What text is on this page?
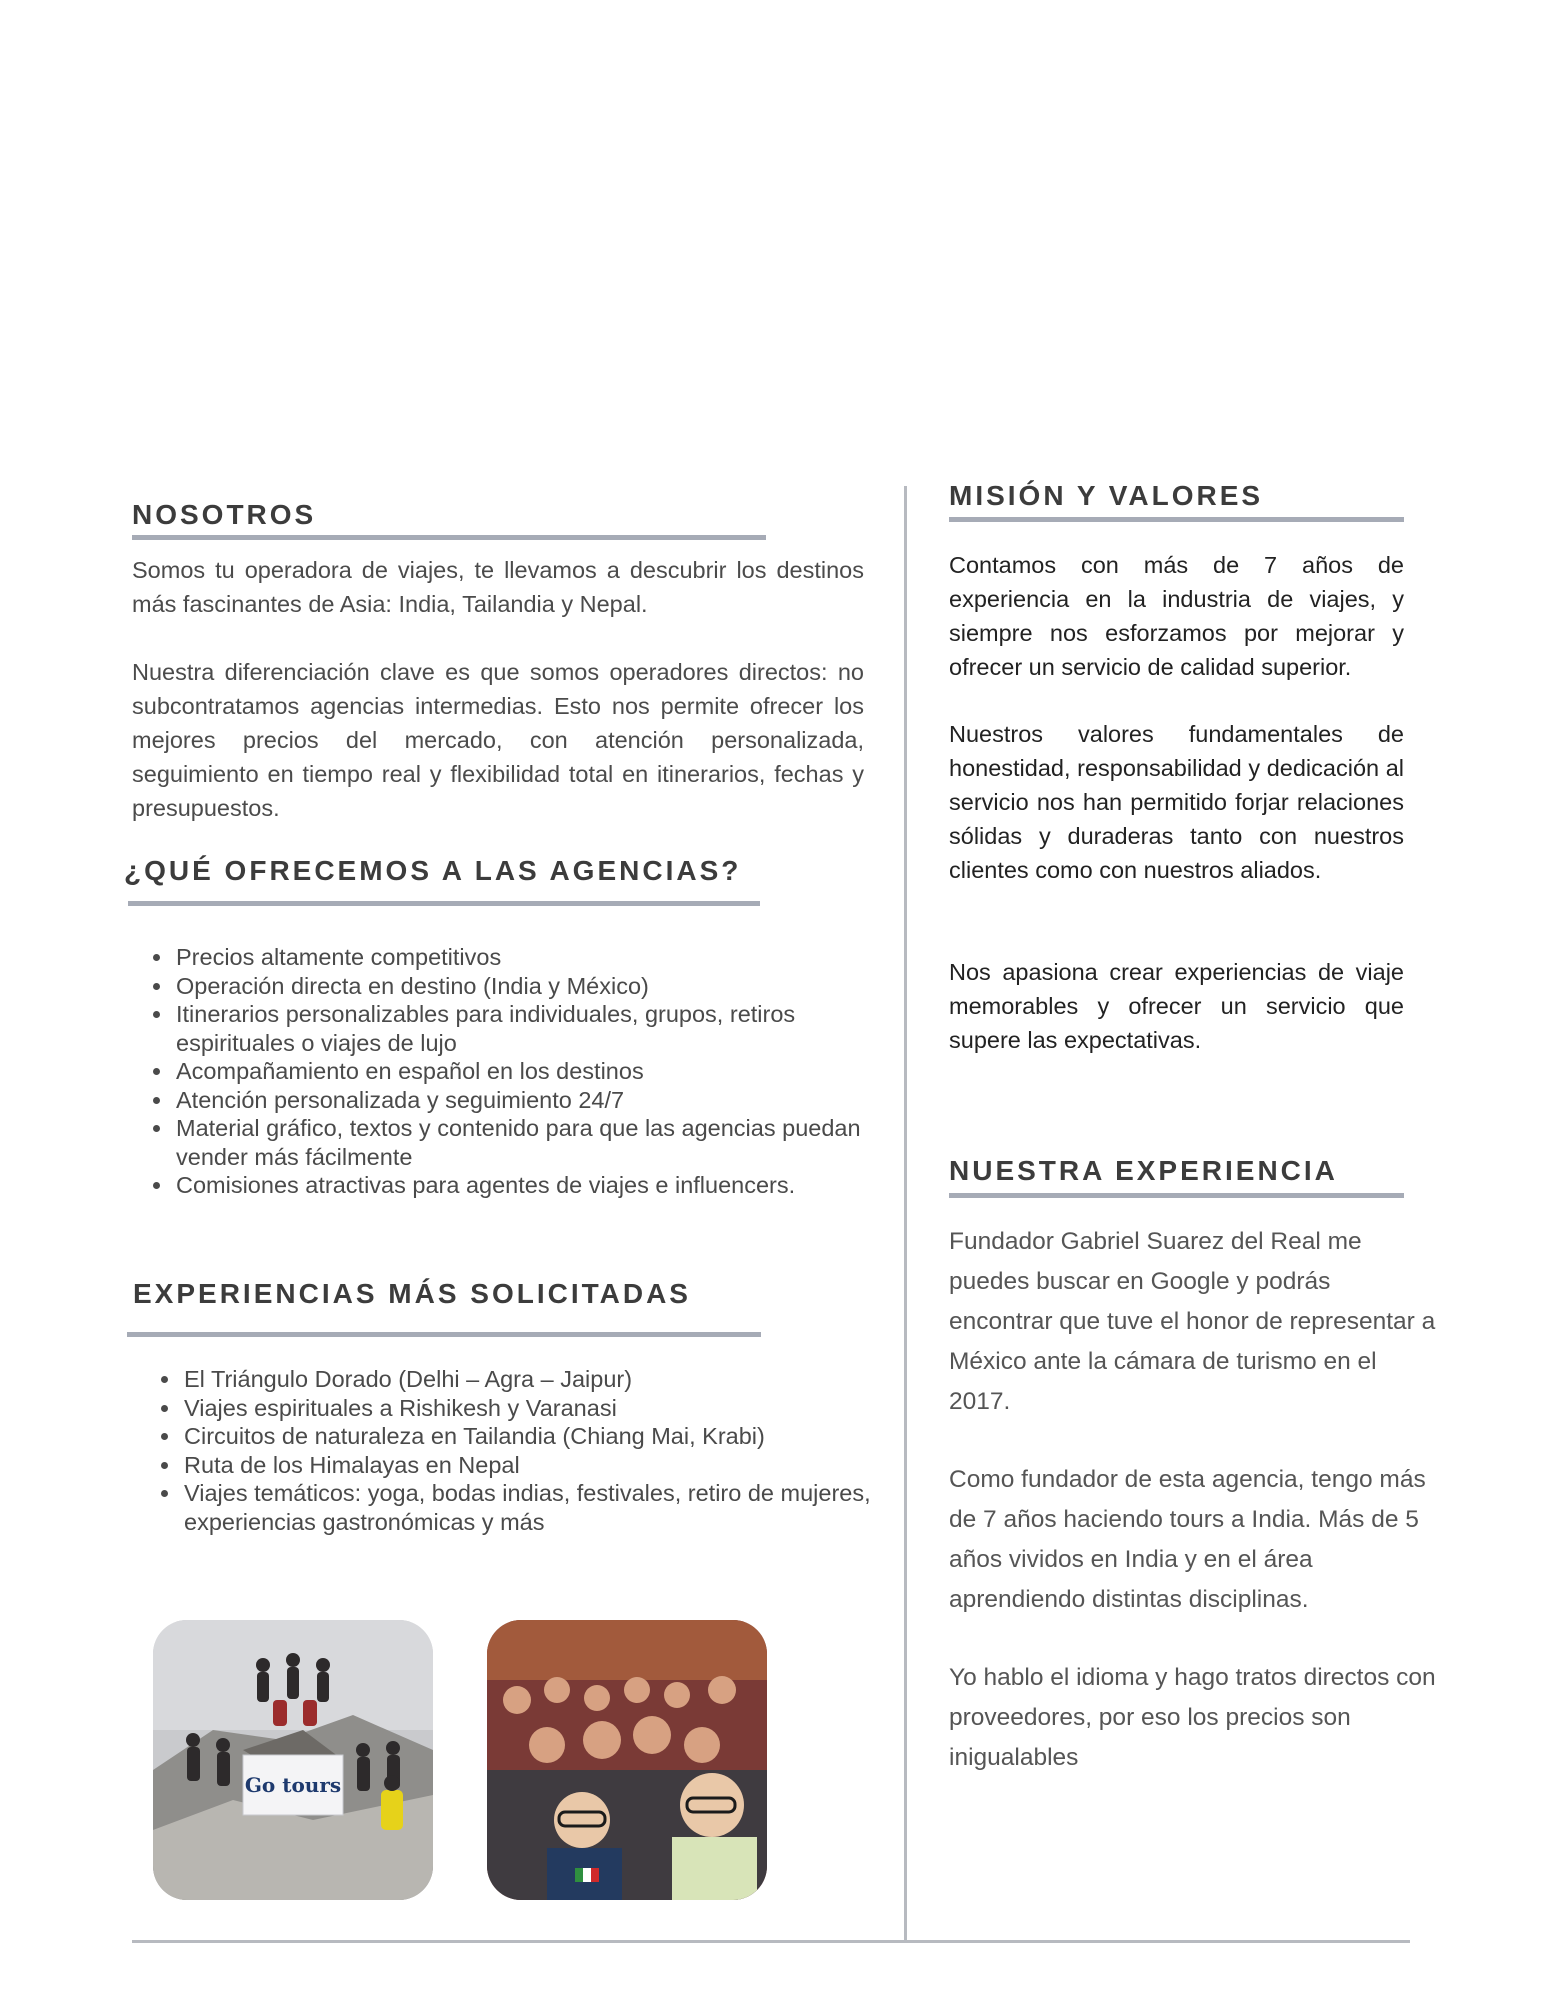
NOSOTROS

Somos tu operadora de viajes, te llevamos a descubrir los destinos más fascinantes de Asia: India, Tailandia y Nepal.

Nuestra diferenciación clave es que somos operadores directos: no subcontratamos agencias intermedias. Esto nos permite ofrecer los mejores precios del mercado, con atención personalizada, seguimiento en tiempo real y flexibilidad total en itinerarios, fechas y presupuestos.

¿QUÉ OFRECEMOS A LAS AGENCIAS?
• Precios altamente competitivos
• Operación directa en destino (India y México)
• Itinerarios personalizables para individuales, grupos, retiros espirituales o viajes de lujo
• Acompañamiento en español en los destinos
• Atención personalizada y seguimiento 24/7
• Material gráfico, textos y contenido para que las agencias puedan vender más fácilmente
• Comisiones atractivas para agentes de viajes e influencers.
EXPERIENCIAS MÁS SOLICITADAS
• El Triángulo Dorado (Delhi – Agra – Jaipur)
• Viajes espirituales a Rishikesh y Varanasi
• Circuitos de naturaleza en Tailandia (Chiang Mai, Krabi)
• Ruta de los Himalayas en Nepal
• Viajes temáticos: yoga, bodas indias, festivales, retiro de mujeres, experiencias gastronómicas y más
Go tours
MISIÓN Y VALORES

Contamos con más de 7 años de experiencia en la industria de viajes, y siempre nos esforzamos por mejorar y ofrecer un servicio de calidad superior.

Nuestros valores fundamentales de honestidad, responsabilidad y dedicación al servicio nos han permitido forjar relaciones sólidas y duraderas tanto con nuestros clientes como con nuestros aliados.

Nos apasiona crear experiencias de viaje memorables y ofrecer un servicio que supere las expectativas.

NUESTRA EXPERIENCIA

Fundador Gabriel Suarez del Real me puedes buscar en Google y podrás encontrar que tuve el honor de representar a México ante la cámara de turismo en el 2017.

Como fundador de esta agencia, tengo más de 7 años haciendo tours a India. Más de 5 años vividos en India y en el área aprendiendo distintas disciplinas.

Yo hablo el idioma y hago tratos directos con proveedores, por eso los precios son inigualables
